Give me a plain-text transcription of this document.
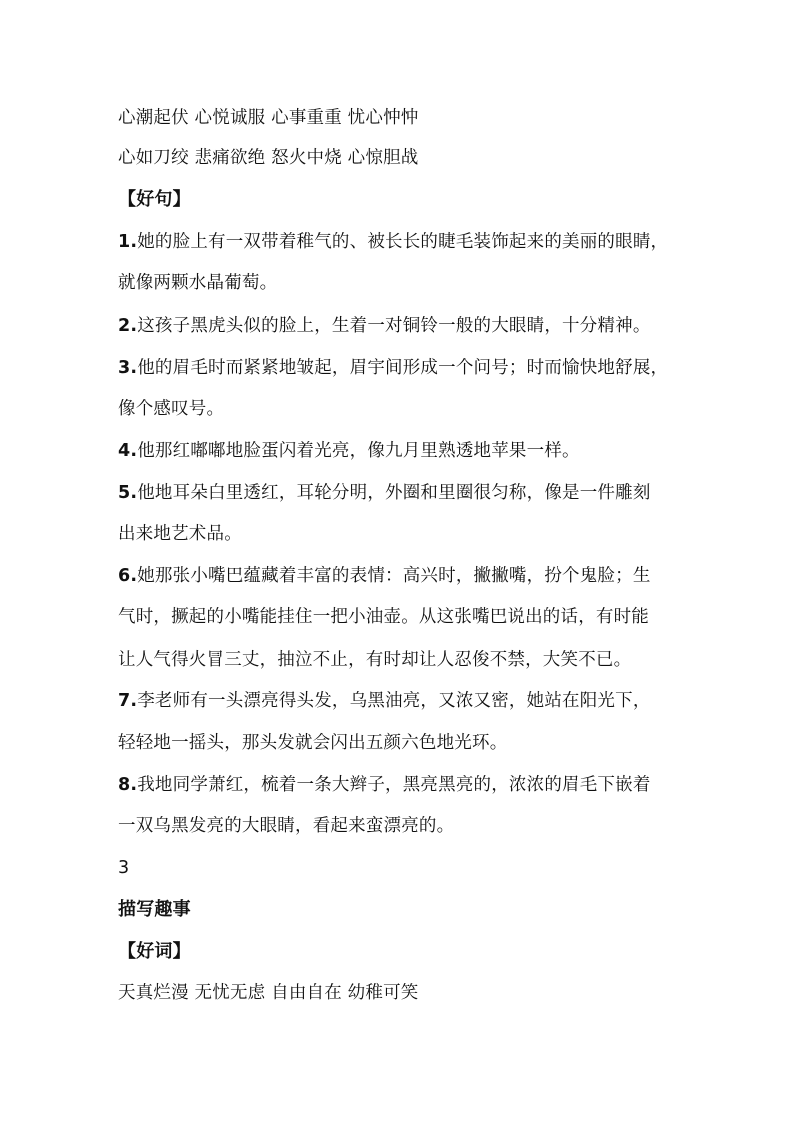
心潮起伏 心悦诚服 心事重重 忧心忡忡
心如刀绞 悲痛欲绝 怒火中烧 心惊胆战
【好句】
1.她的脸上有一双带着稚气的、被长长的睫毛装饰起来的美丽的眼睛，
就像两颗水晶葡萄。
2.这孩子黑虎头似的脸上，生着一对铜铃一般的大眼睛，十分精神。
3.他的眉毛时而紧紧地皱起，眉宇间形成一个问号；时而愉快地舒展，
像个感叹号。
4.他那红嘟嘟地脸蛋闪着光亮，像九月里熟透地苹果一样。
5.他地耳朵白里透红，耳轮分明，外圈和里圈很匀称，像是一件雕刻
出来地艺术品。
6.她那张小嘴巴蕴藏着丰富的表情：高兴时，撇撇嘴，扮个鬼脸；生
气时，撅起的小嘴能挂住一把小油壶。从这张嘴巴说出的话，有时能
让人气得火冒三丈，抽泣不止，有时却让人忍俊不禁，大笑不已。
7.李老师有一头漂亮得头发，乌黑油亮，又浓又密，她站在阳光下，
轻轻地一摇头，那头发就会闪出五颜六色地光环。
8.我地同学萧红，梳着一条大辫子，黑亮黑亮的，浓浓的眉毛下嵌着
一双乌黑发亮的大眼睛，看起来蛮漂亮的。
3
描写趣事
【好词】
天真烂漫 无忧无虑 自由自在 幼稚可笑
